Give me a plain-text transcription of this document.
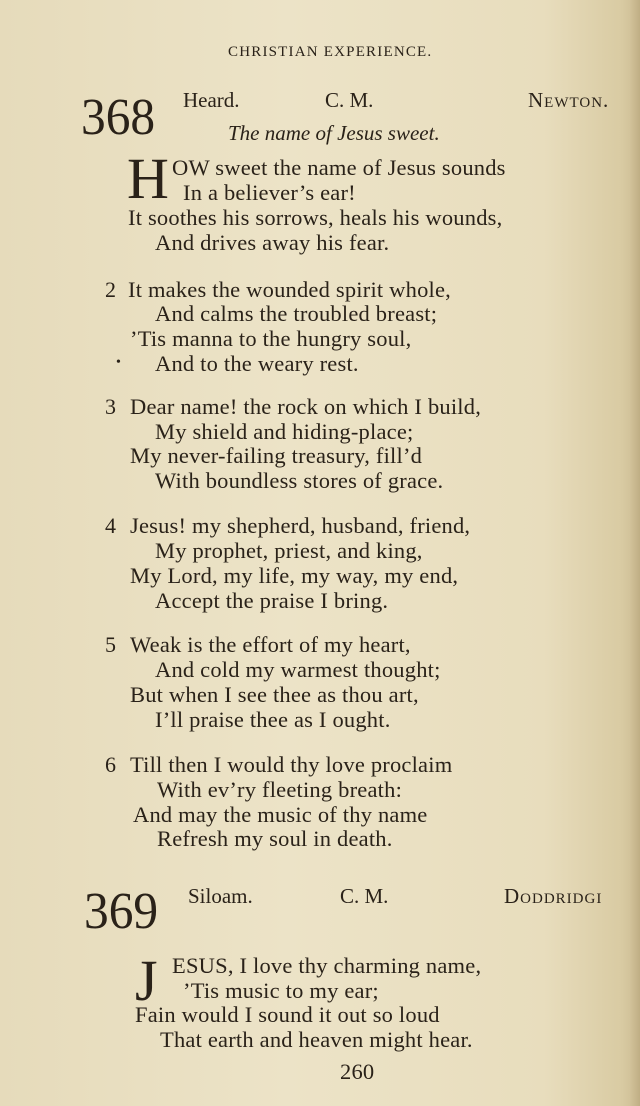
CHRISTIAN EXPERIENCE.
368 Heard.	C. M.	Newton.
The name of Jesus sweet.
H OW sweet the name of Jesus sounds
In a believer’s ear!
It soothes his sorrows, heals his wounds,
And drives away his fear.
2 It makes the wounded spirit whole,
And calms the troubled breast;
’Tis manna to the hungry soul,
And to the weary rest.
3 Dear name! the rock on which I build,
My shield and hiding-place;
My never-failing treasury, fill’d
With boundless stores of grace.
4 Jesus! my shepherd, husband, friend,
My prophet, priest, and king,
My Lord, my life, my way, my end,
Accept the praise I bring.
5 Weak is the effort of my heart,
And cold my warmest thought;
But when I see thee as thou art,
I’ll praise thee as I ought.
6 Till then I would thy love proclaim
With ev’ry fleeting breath:
And may the music of thy name
Refresh my soul in death.
•
369 Siloam.	C. M.	Doddridgi
J ESUS, I love thy charming name,
’Tis music to my ear;
Fain would I sound it out so loud
That earth and heaven might hear.
260
